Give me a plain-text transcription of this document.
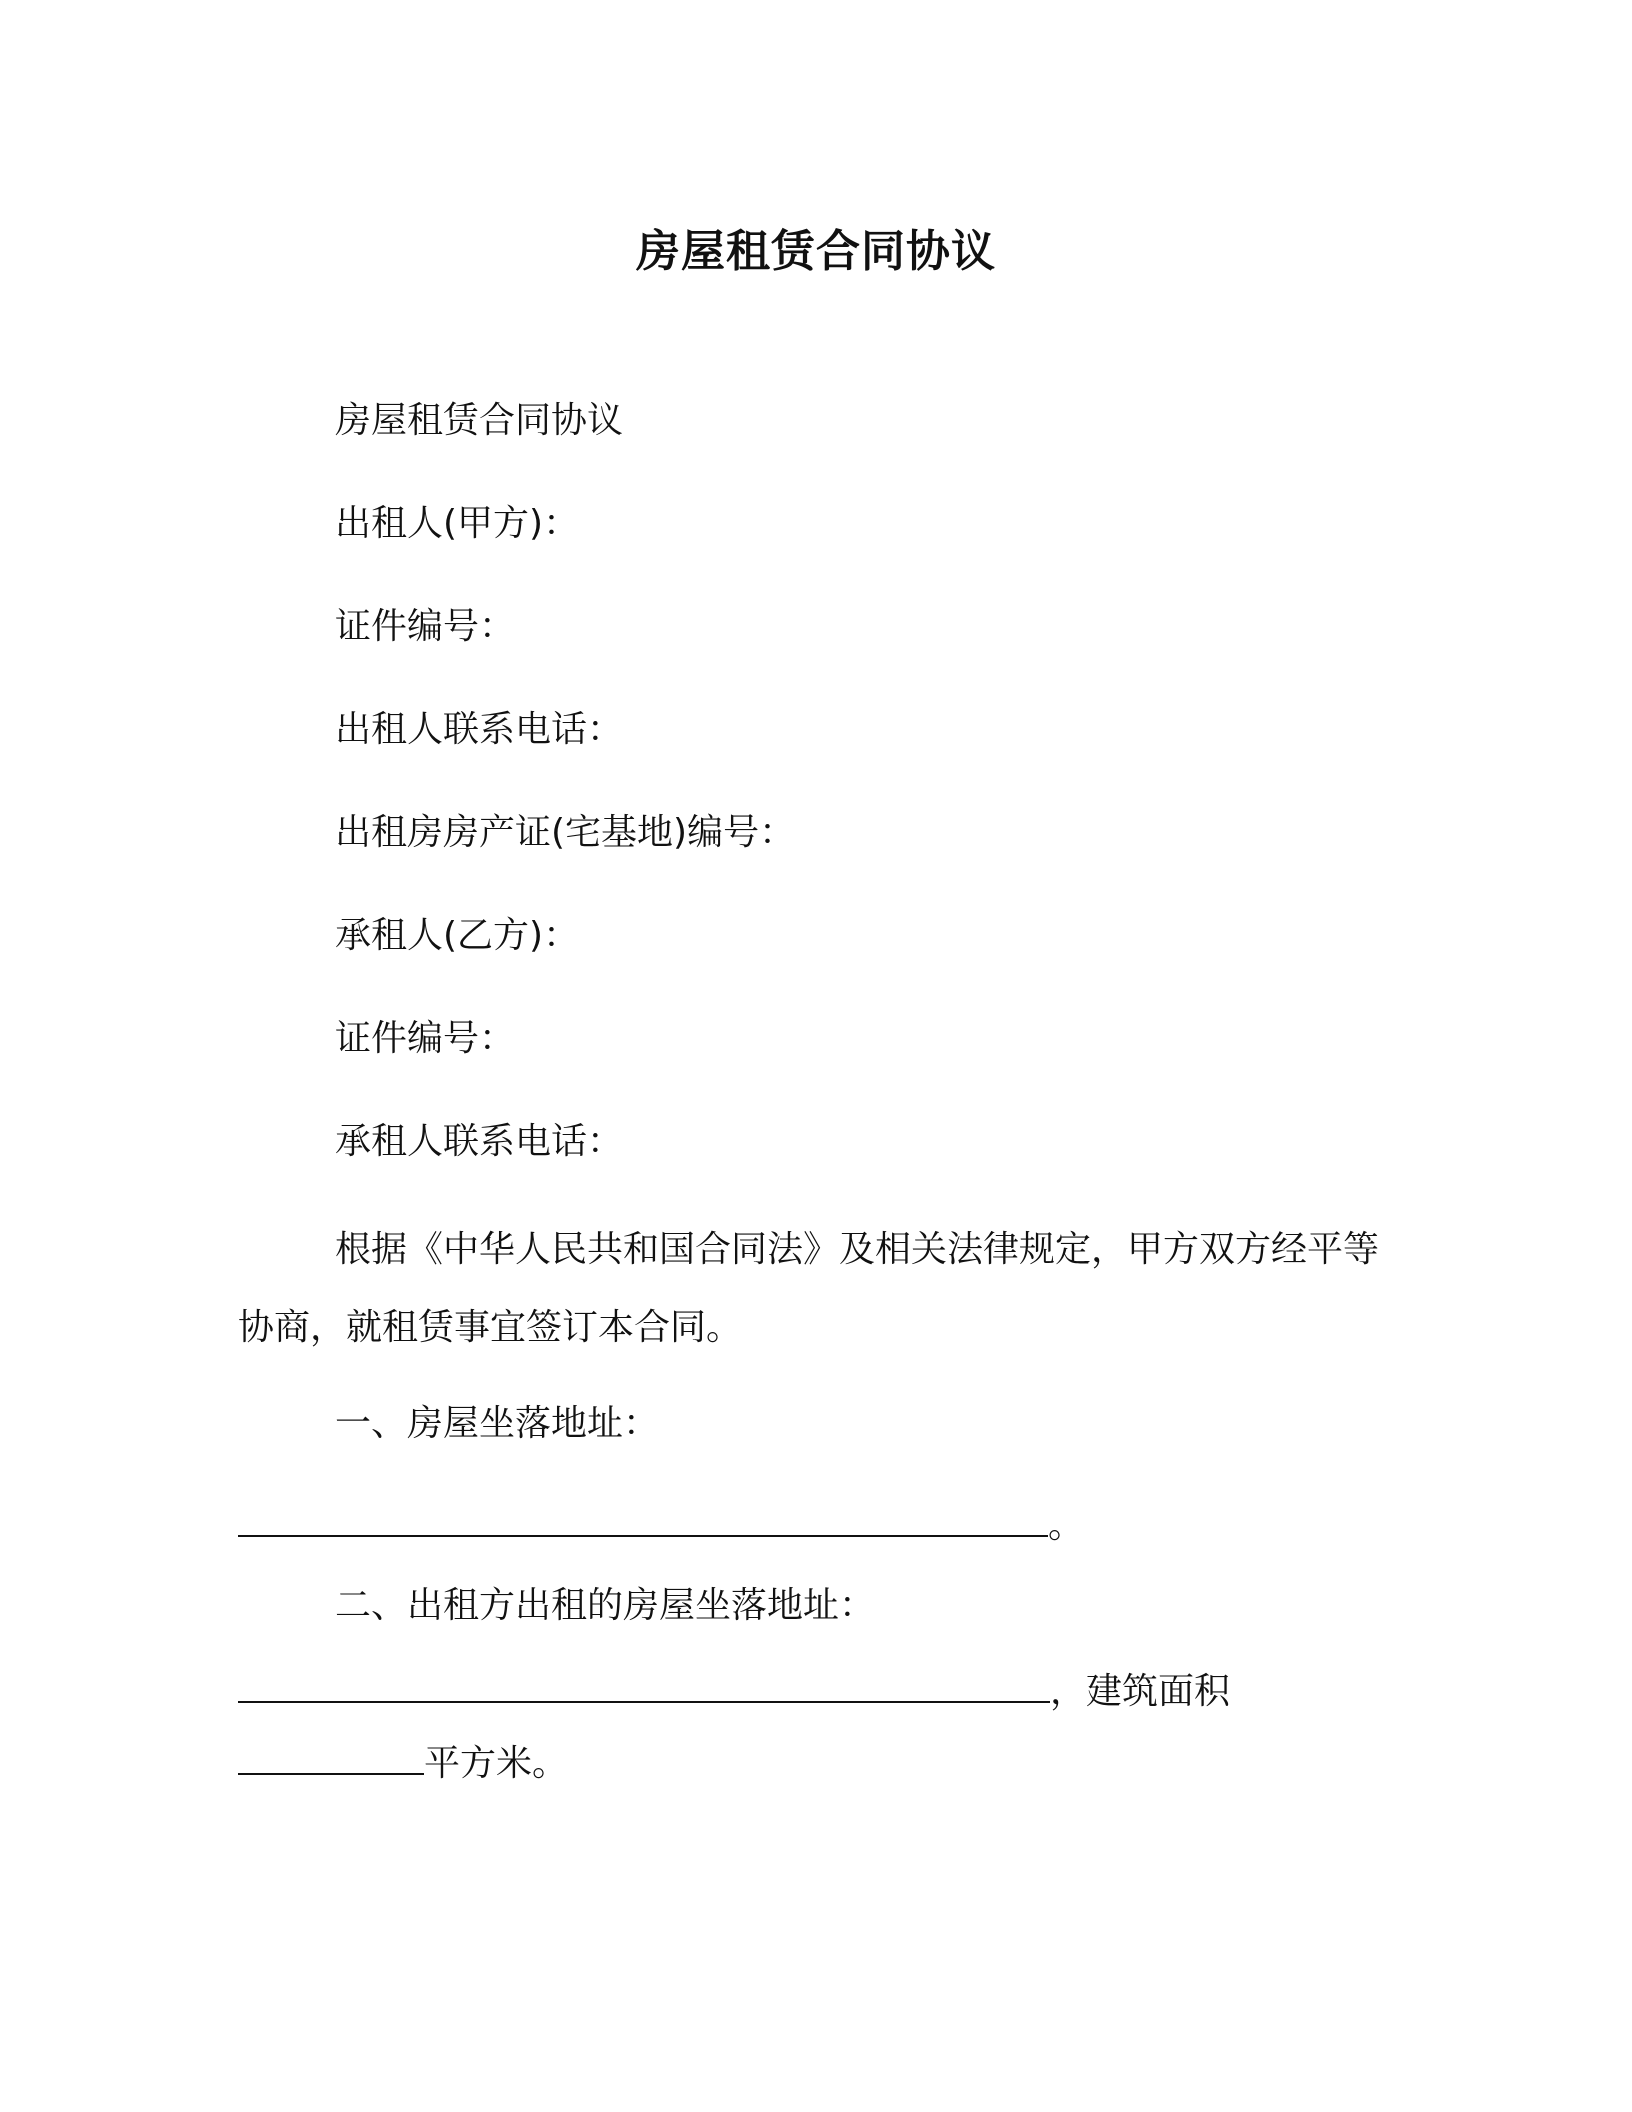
房屋租赁合同协议
房屋租赁合同协议
出租人(甲方)：
证件编号：
出租人联系电话：
出租房房产证(宅基地)编号：
承租人(乙方)：
证件编号：
承租人联系电话：
根据《中华人民共和国合同法》及相关法律规定，甲方双方经平等协商，就租赁事宜签订本合同。
一、房屋坐落地址：
。
二、出租方出租的房屋坐落地址：
，建筑面积
平方米。
